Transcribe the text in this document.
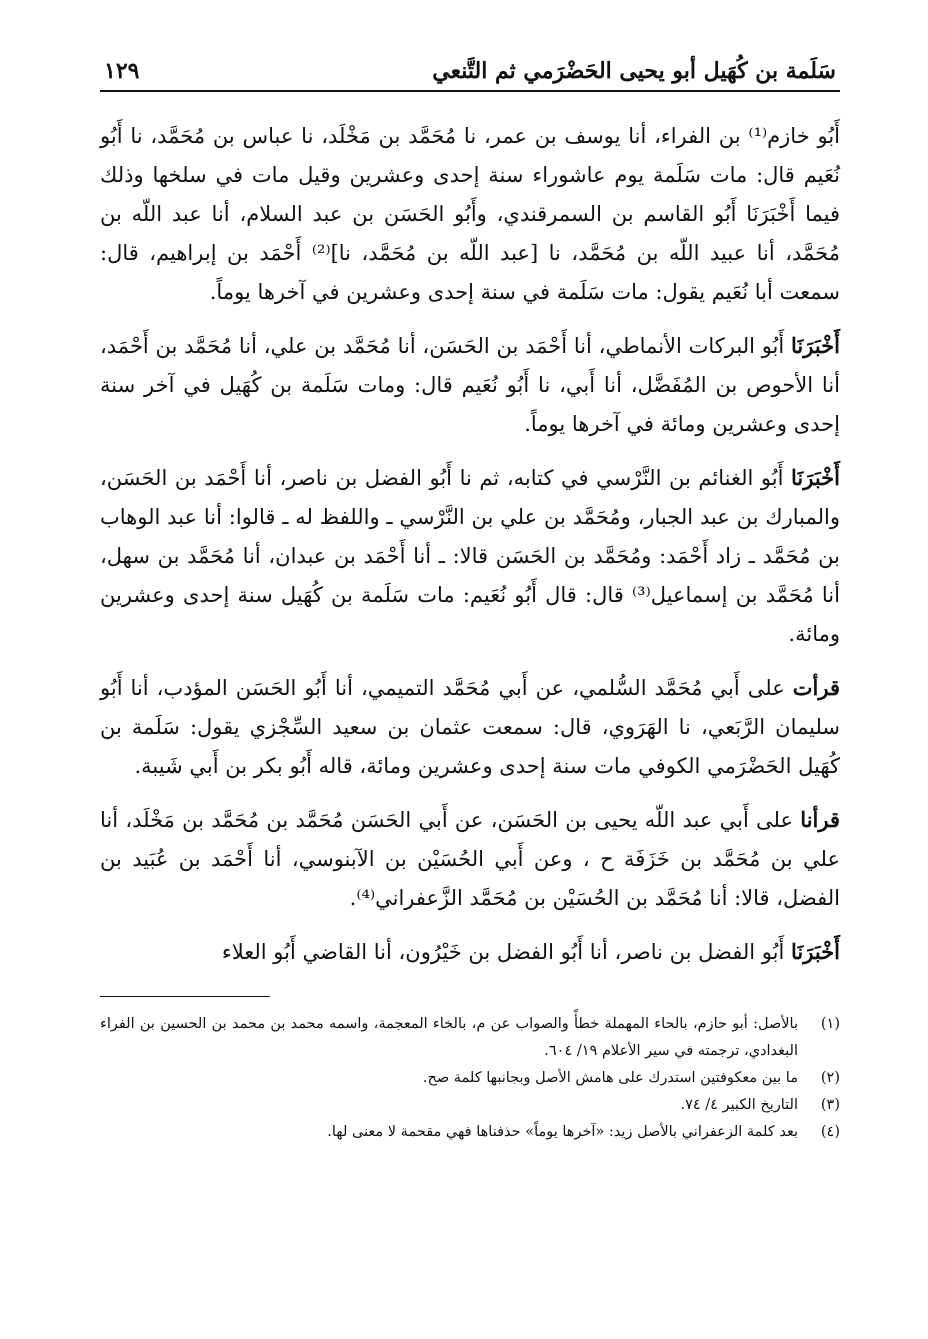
سَلَمة بن كُهَيل أبو يحيى الحَضْرَمي ثم التَّنعي
١٢٩

أَبُو خازم⁽¹⁾ بن الفراء، أنا يوسف بن عمر، نا مُحَمَّد بن مَخْلَد، نا عباس بن مُحَمَّد، نا أَبُو نُعَيم قال: مات سَلَمة يوم عاشوراء سنة إحدى وعشرين وقيل مات في سلخها وذلك فيما أَخْبَرَنَا أَبُو القاسم بن السمرقندي، وأَبُو الحَسَن بن عبد السلام، أنا عبد اللّه بن مُحَمَّد، أنا عبيد اللّه بن مُحَمَّد، نا [عبد اللّه بن مُحَمَّد، نا]⁽²⁾ أَحْمَد بن إبراهيم، قال: سمعت أبا نُعَيم يقول: مات سَلَمة في سنة إحدى وعشرين في آخرها يوماً.

أَخْبَرَنَا أَبُو البركات الأنماطي، أنا أَحْمَد بن الحَسَن، أنا مُحَمَّد بن علي، أنا مُحَمَّد بن أَحْمَد، أنا الأحوص بن المُفَضَّل، أنا أَبي، نا أَبُو نُعَيم قال: ومات سَلَمة بن كُهَيل في آخر سنة إحدى وعشرين ومائة في آخرها يوماً.

أَخْبَرَنَا أَبُو الغنائم بن النَّرْسي في كتابه، ثم نا أَبُو الفضل بن ناصر، أنا أَحْمَد بن الحَسَن، والمبارك بن عبد الجبار، ومُحَمَّد بن علي بن النَّرْسي ـ واللفظ له ـ قالوا: أنا عبد الوهاب بن مُحَمَّد ـ زاد أَحْمَد: ومُحَمَّد بن الحَسَن قالا: ـ أنا أَحْمَد بن عبدان، أنا مُحَمَّد بن سهل، أنا مُحَمَّد بن إسماعيل⁽³⁾ قال: قال أَبُو نُعَيم: مات سَلَمة بن كُهَيل سنة إحدى وعشرين ومائة.

قرأت على أَبي مُحَمَّد السُّلمي، عن أَبي مُحَمَّد التميمي، أنا أَبُو الحَسَن المؤدب، أنا أَبُو سليمان الرَّبَعي، نا الهَرَوي، قال: سمعت عثمان بن سعيد السِّجْزي يقول: سَلَمة بن كُهَيل الحَضْرَمي الكوفي مات سنة إحدى وعشرين ومائة، قاله أَبُو بكر بن أَبي شَيبة.

قرأنا على أَبي عبد اللّه يحيى بن الحَسَن، عن أَبي الحَسَن مُحَمَّد بن مُحَمَّد بن مَخْلَد، أنا علي بن مُحَمَّد بن خَزَفَة ح ، وعن أَبي الحُسَيْن بن الآبنوسي، أنا أَحْمَد بن عُبَيد بن الفضل، قالا: أنا مُحَمَّد بن الحُسَيْن بن مُحَمَّد الزَّعفراني⁽⁴⁾.

أَخْبَرَنَا أَبُو الفضل بن ناصر، أنا أَبُو الفضل بن خَيْرُون، أنا القاضي أَبُو العلاء

(١)
بالأصل: أبو حازم، بالحاء المهملة خطأً والصواب عن م، بالخاء المعجمة، واسمه محمد بن محمد بن الحسين بن الفراء البغدادي، ترجمته في سير الأعلام ١٩/ ٦٠٤.
(٢)
ما بين معكوفتين استدرك على هامش الأصل وبجانبها كلمة صح.
(٣)
التاريخ الكبير ٤/ ٧٤.
(٤)
بعد كلمة الزعفراني بالأصل زيد: «آخرها يوماً» حذفناها فهي مقحمة لا معنى لها.
